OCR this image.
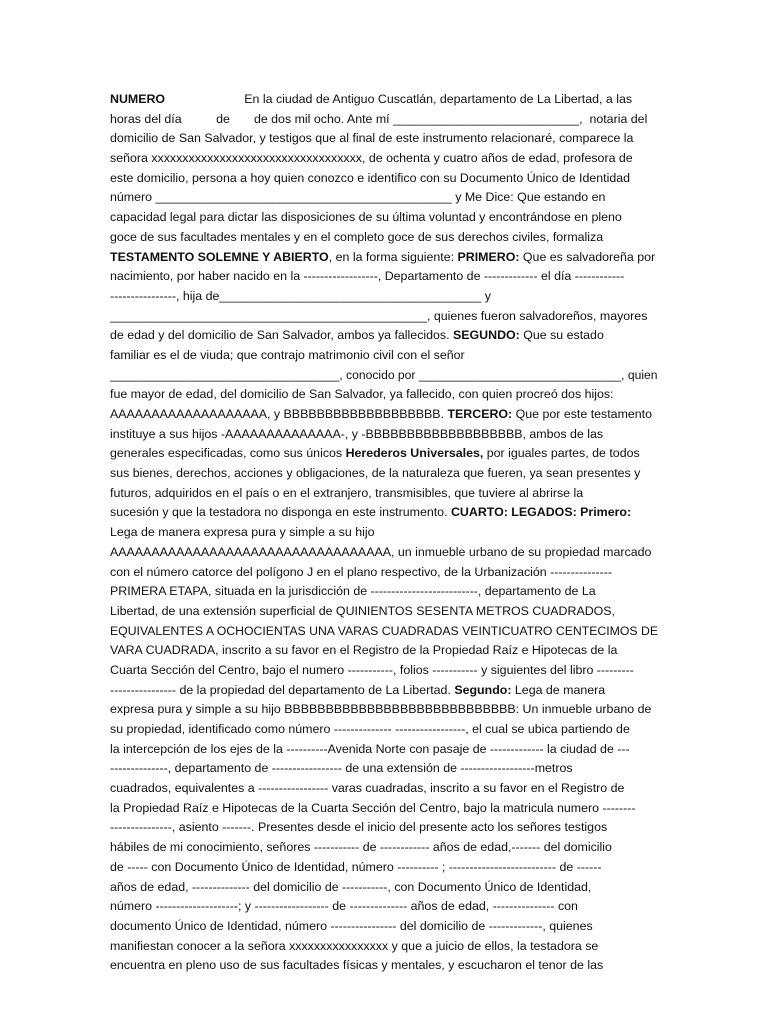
NUMERO                       En la ciudad de Antiguo Cuscatlán, departamento de La Libertad, a las
horas del día          de       de dos mil ocho. Ante mí ___________________________,  notaria del
domicilio de San Salvador, y testigos que al final de este instrumento relacionaré, comparece la
señora xxxxxxxxxxxxxxxxxxxxxxxxxxxxxxxxxx, de ochenta y cuatro años de edad, profesora de
este domicilio, persona a hoy quien conozco e identifico con su Documento Único de Identidad
número ___________________________________________ y Me Dice: Que estando en
capacidad legal para dictar las disposiciones de su última voluntad y encontrándose en pleno
goce de sus facultades mentales y en el completo goce de sus derechos civiles, formaliza
TESTAMENTO SOLEMNE Y ABIERTO, en la forma siguiente: PRIMERO: Que es salvadoreña por
nacimiento, por haber nacido en la ------------------, Departamento de ------------- el día ------------
----------------, hija de______________________________________ y
______________________________________________, quienes fueron salvadoreños, mayores
de edad y del domicilio de San Salvador, ambos ya fallecidos. SEGUNDO: Que su estado
familiar es el de viuda; que contrajo matrimonio civil con el señor
__________________________________, conocido por ______________________________, quien
fue mayor de edad, del domicilio de San Salvador, ya fallecido, con quien procreó dos hijos:
AAAAAAAAAAAAAAAAAAA, y BBBBBBBBBBBBBBBBBBB. TERCERO: Que por este testamento
instituye a sus hijos -AAAAAAAAAAAAAA-, y -BBBBBBBBBBBBBBBBBBB, ambos de las
generales especificadas, como sus únicos Herederos Universales, por iguales partes, de todos
sus bienes, derechos, acciones y obligaciones, de la naturaleza que fueren, ya sean presentes y
futuros, adquiridos en el país o en el extranjero, transmisibles, que tuviere al abrirse la
sucesión y que la testadora no disponga en este instrumento. CUARTO: LEGADOS: Primero:
Lega de manera expresa pura y simple a su hijo
AAAAAAAAAAAAAAAAAAAAAAAAAAAAAAAAAA, un inmueble urbano de su propiedad marcado
con el número catorce del polígono J en el plano respectivo, de la Urbanización ---------------
PRIMERA ETAPA, situada en la jurisdicción de --------------------------, departamento de La
Libertad, de una extensión superficial de QUINIENTOS SESENTA METROS CUADRADOS,
EQUIVALENTES A OCHOCIENTAS UNA VARAS CUADRADAS VEINTICUATRO CENTECIMOS DE
VARA CUADRADA, inscrito a su favor en el Registro de la Propiedad Raíz e Hipotecas de la
Cuarta Sección del Centro, bajo el numero -----------, folios ----------- y siguientes del libro ---------
---------------- de la propiedad del departamento de La Libertad. Segundo: Lega de manera
expresa pura y simple a su hijo BBBBBBBBBBBBBBBBBBBBBBBBBBBB: Un inmueble urbano de
su propiedad, identificado como número -------------- -----------------, el cual se ubica partiendo de
la intercepción de los ejes de la ----------Avenida Norte con pasaje de ------------- la ciudad de ---
--------------, departamento de ----------------- de una extensión de ------------------metros
cuadrados, equivalentes a ----------------- varas cuadradas, inscrito a su favor en el Registro de
la Propiedad Raíz e Hipotecas de la Cuarta Sección del Centro, bajo la matricula numero --------
---------------, asiento -------. Presentes desde el inicio del presente acto los señores testigos
hábiles de mi conocimiento, señores ----------- de ------------ años de edad,------- del domicilio
de ----- con Documento Único de Identidad, número ---------- ; -------------------------- de ------
años de edad, -------------- del domicilio de -----------, con Documento Único de Identidad,
número --------------------; y ------------------ de -------------- años de edad, --------------- con
documento Único de Identidad, número ---------------- del domicilio de -------------, quienes
manifiestan conocer a la señora xxxxxxxxxxxxxxxx y que a juicio de ellos, la testadora se
encuentra en pleno uso de sus facultades físicas y mentales, y escucharon el tenor de las
